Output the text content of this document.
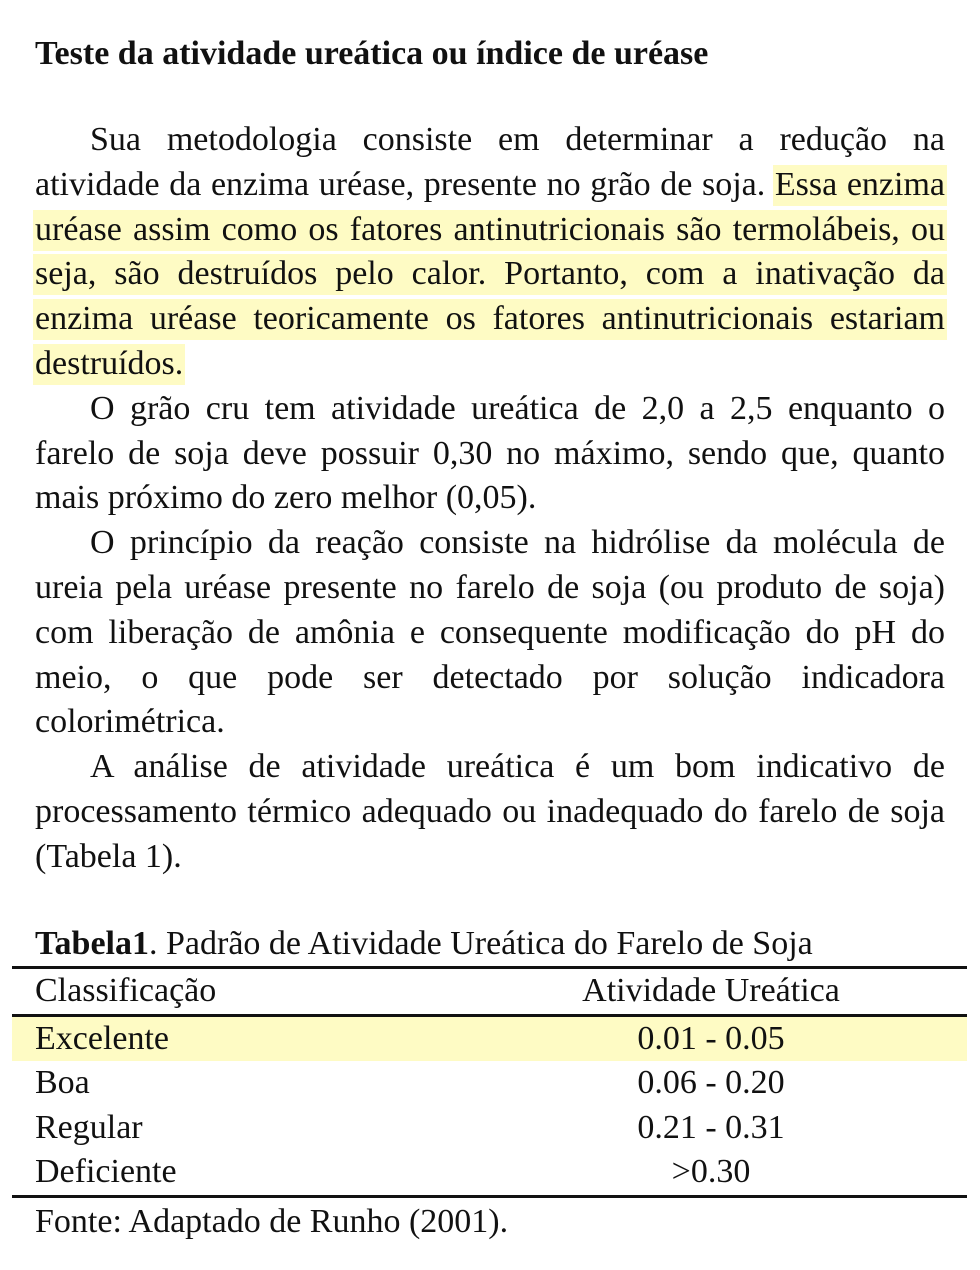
Teste da atividade ureática ou índice de uréase

Sua metodologia consiste em determinar a redução na atividade da enzima uréase, presente no grão de soja. Essa enzima uréase assim como os fatores antinutricionais são termolábeis, ou seja, são destruídos pelo calor. Portanto, com a inativação da enzima uréase teoricamente os fatores antinutricionais estariam destruídos.

O grão cru tem atividade ureática de 2,0 a 2,5 enquanto o farelo de soja deve possuir 0,30 no máximo, sendo que, quanto mais próximo do zero melhor (0,05).

O princípio da reação consiste na hidrólise da molécula de ureia pela uréase presente no farelo de soja (ou produto de soja) com liberação de amônia e consequente modificação do pH do meio, o que pode ser detectado por solução indicadora colorimétrica.

A análise de atividade ureática é um bom indicativo de processamento térmico adequado ou inadequado do farelo de soja (Tabela 1).

Tabela1. Padrão de Atividade Ureática do Farelo de Soja
Classificação	Atividade Ureática
Excelente	0.01 - 0.05
Boa	0.06 - 0.20
Regular	0.21 - 0.31
Deficiente	>0.30
Fonte: Adaptado de Runho (2001).
